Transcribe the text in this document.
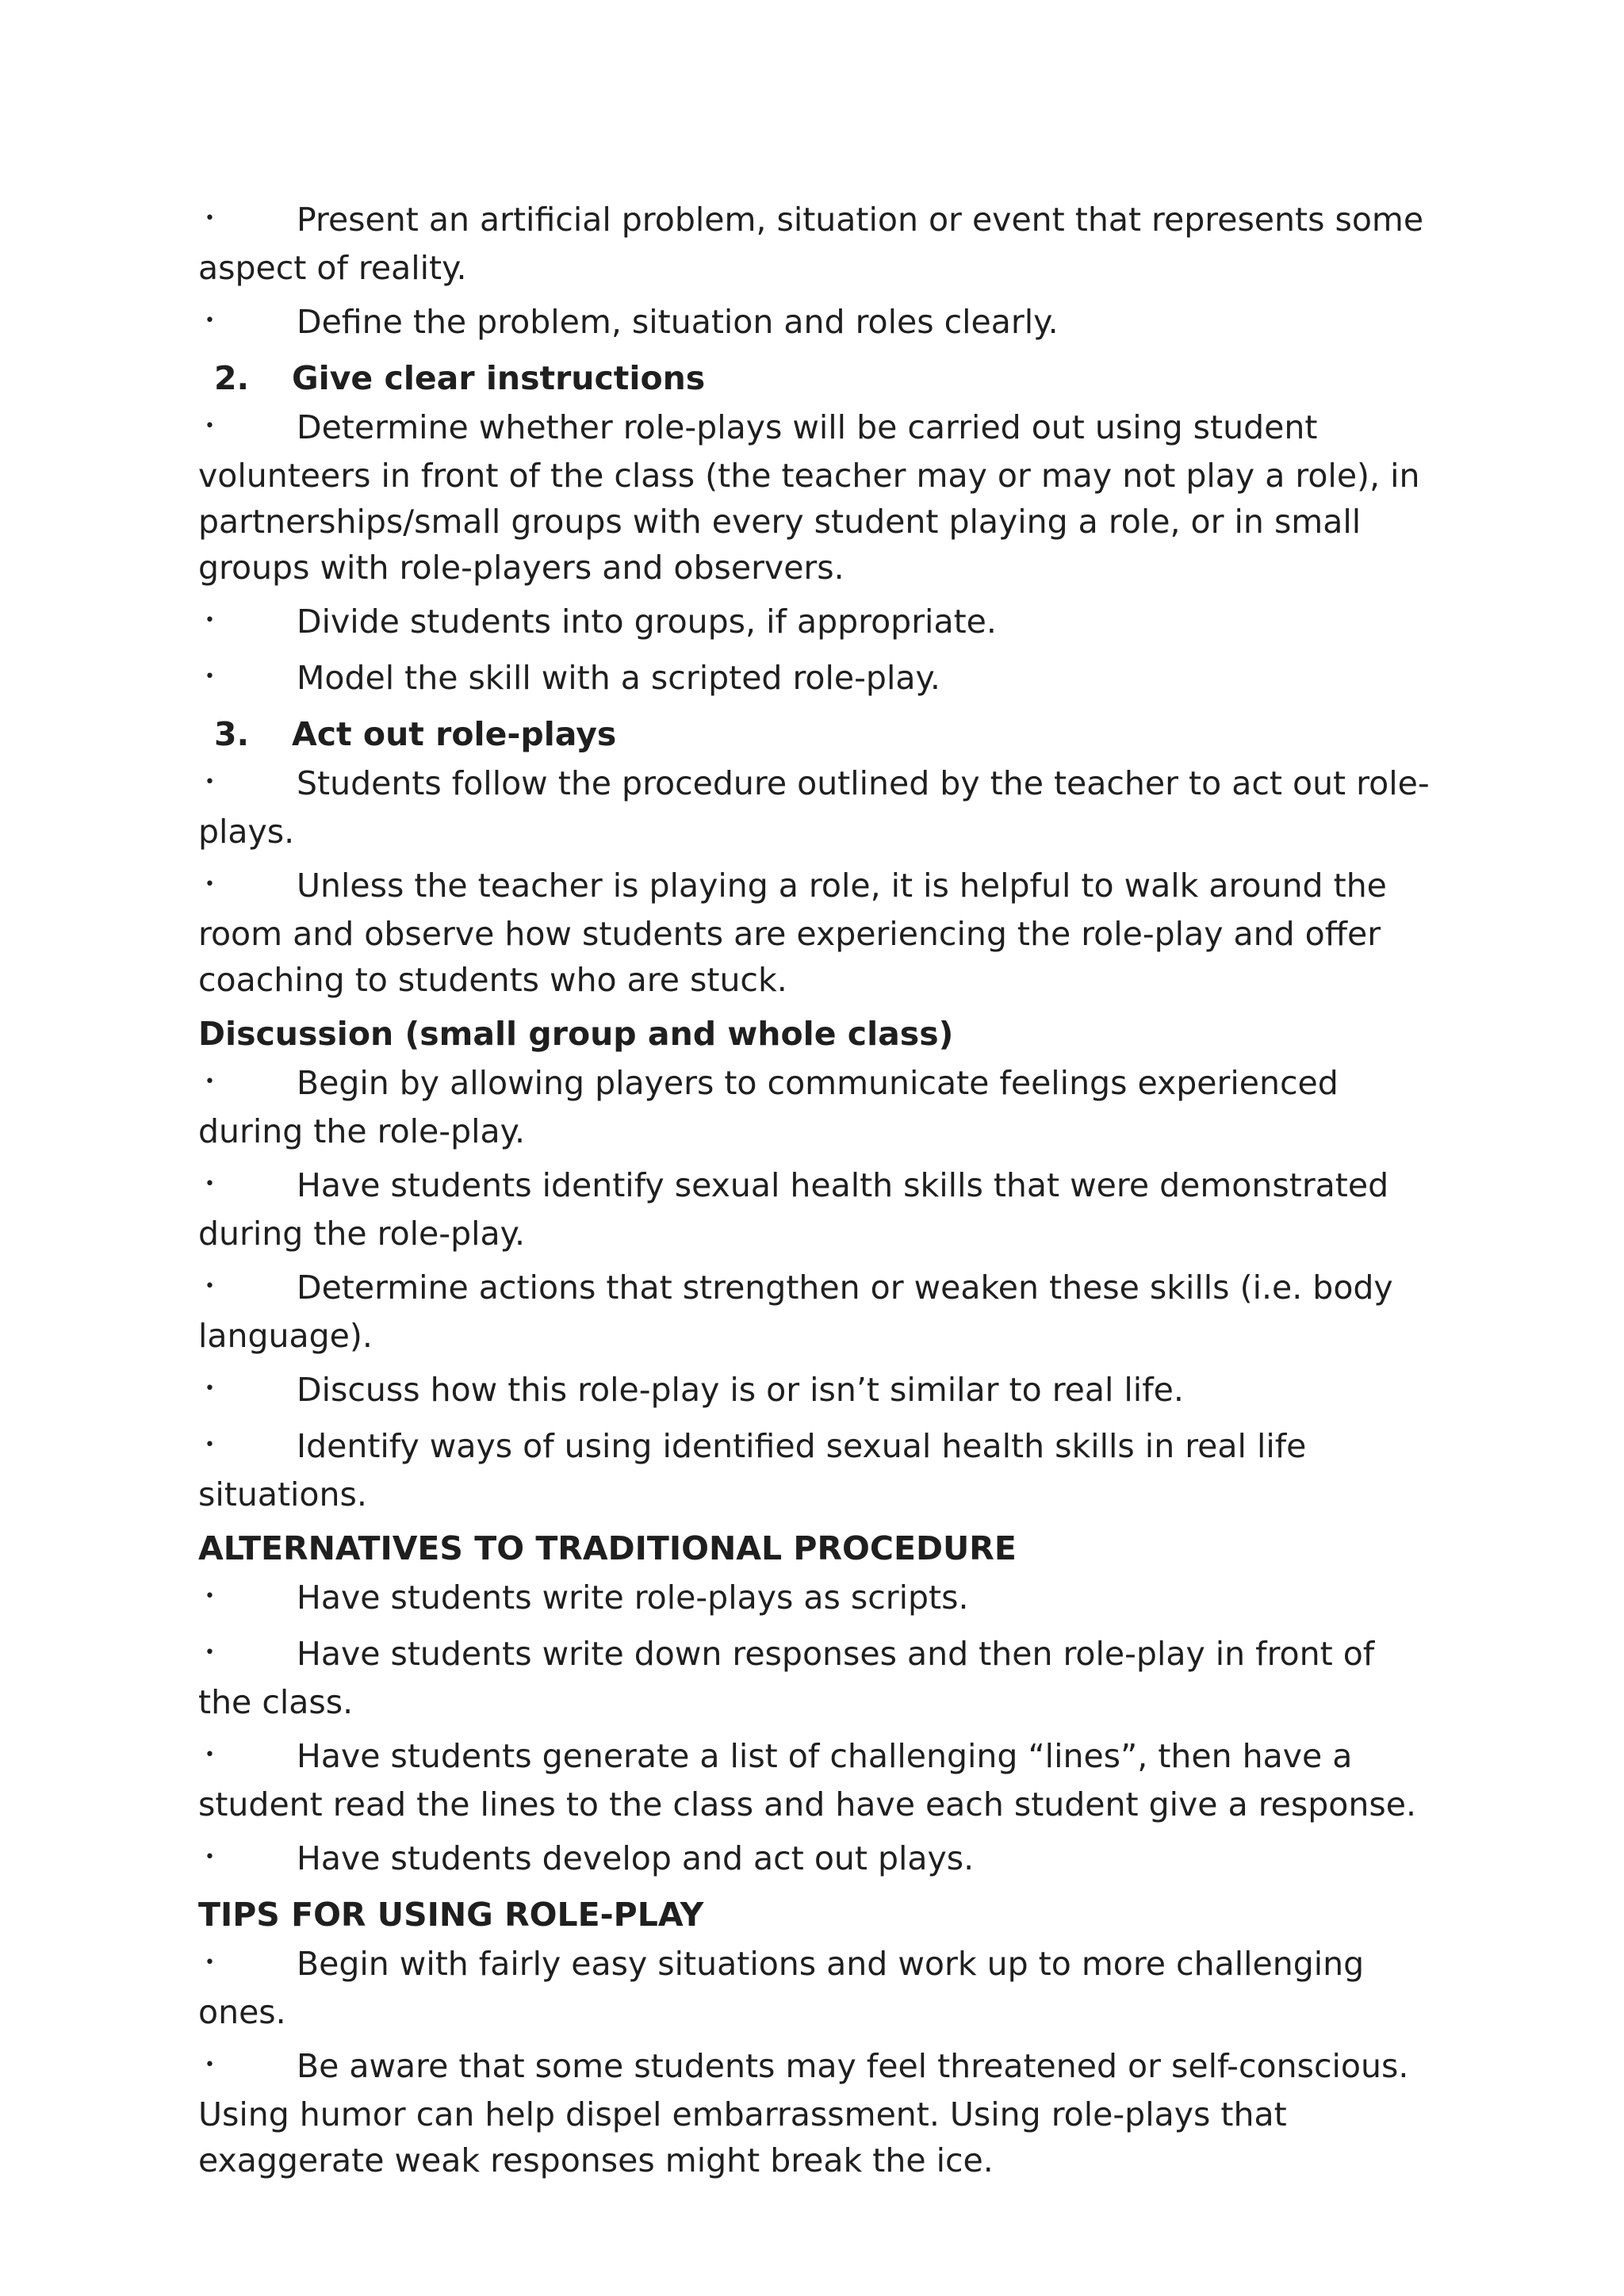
•	Present an artificial problem, situation or event that represents some aspect of reality.
•	Define the problem, situation and roles clearly.
2. Give clear instructions
•	Determine whether role-plays will be carried out using student volunteers in front of the class (the teacher may or may not play a role), in partnerships/small groups with every student playing a role, or in small groups with role-players and observers.
•	Divide students into groups, if appropriate.
•	Model the skill with a scripted role-play.
3. Act out role-plays
•	Students follow the procedure outlined by the teacher to act out role-plays.
•	Unless the teacher is playing a role, it is helpful to walk around the room and observe how students are experiencing the role-play and offer coaching to students who are stuck.
Discussion (small group and whole class)
•	Begin by allowing players to communicate feelings experienced during the role-play.
•	Have students identify sexual health skills that were demonstrated during the role-play.
•	Determine actions that strengthen or weaken these skills (i.e. body language).
•	Discuss how this role-play is or isn’t similar to real life.
•	Identify ways of using identified sexual health skills in real life situations.
ALTERNATIVES TO TRADITIONAL PROCEDURE
•	Have students write role-plays as scripts.
•	Have students write down responses and then role-play in front of the class.
•	Have students generate a list of challenging “lines”, then have a student read the lines to the class and have each student give a response.
•	Have students develop and act out plays.
TIPS FOR USING ROLE-PLAY
•	Begin with fairly easy situations and work up to more challenging ones.
•	Be aware that some students may feel threatened or self-conscious. Using humor can help dispel embarrassment. Using role-plays that exaggerate weak responses might break the ice.
